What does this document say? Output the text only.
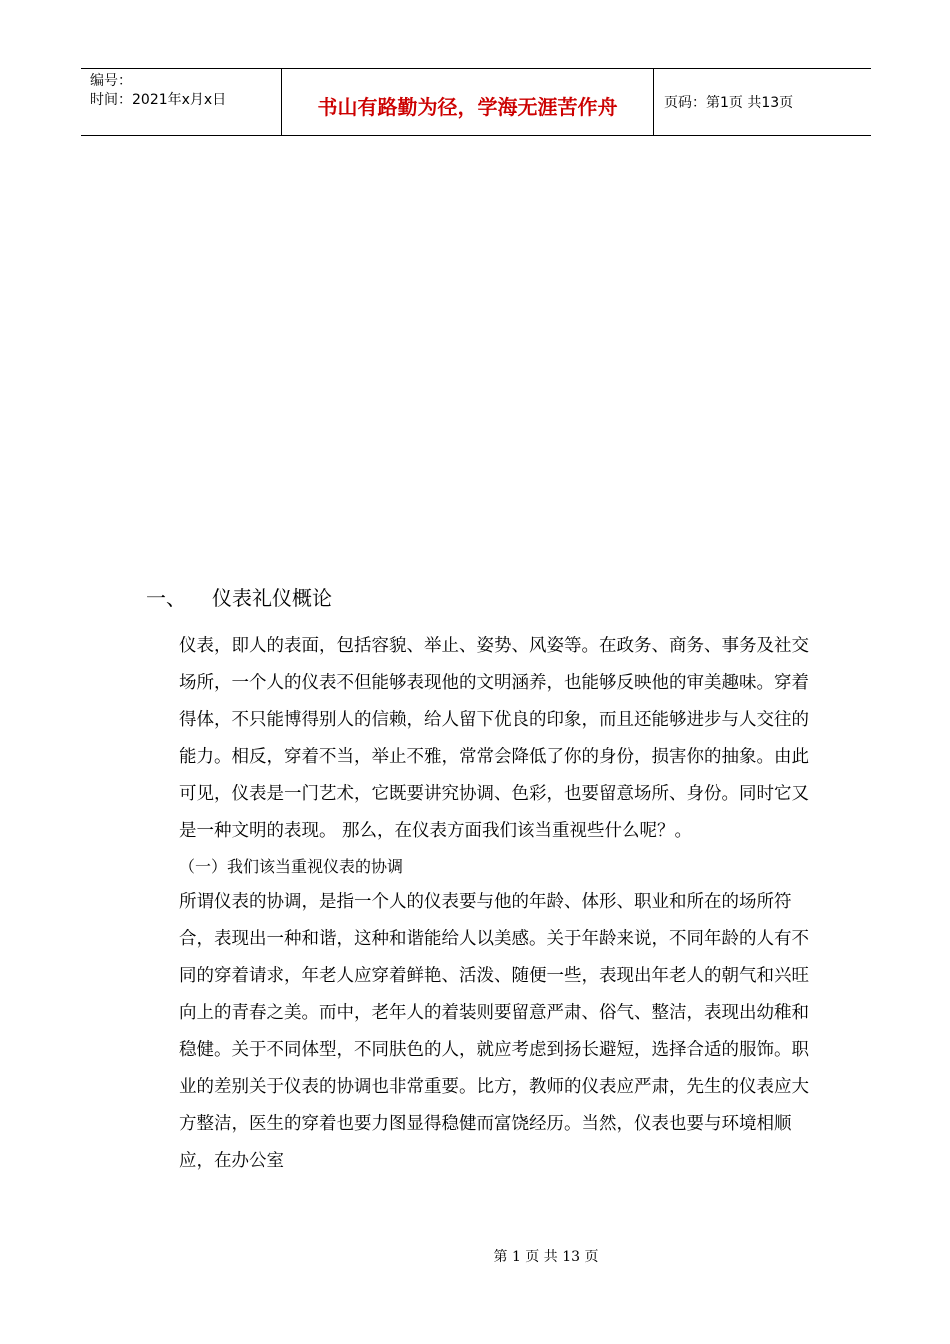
编号：
时间：2021年x月x日	书山有路勤为径，学海无涯苦作舟	页码：第1页 共13页
一、 仪表礼仪概论

仪表，即人的表面，包括容貌、举止、姿势、风姿等。在政务、商务、事务及社交场所，一个人的仪表不但能够表现他的文明涵养，也能够反映他的审美趣味。穿着得体，不只能博得别人的信赖，给人留下优良的印象，而且还能够进步与人交往的能力。相反，穿着不当，举止不雅，常常会降低了你的身份，损害你的抽象。由此可见，仪表是一门艺术，它既要讲究协调、色彩，也要留意场所、身份。同时它又是一种文明的表现。 那么，在仪表方面我们该当重视些什么呢？。

（一）我们该当重视仪表的协调

所谓仪表的协调，是指一个人的仪表要与他的年龄、体形、职业和所在的场所符合，表现出一种和谐，这种和谐能给人以美感。关于年龄来说，不同年龄的人有不同的穿着请求，年老人应穿着鲜艳、活泼、随便一些，表现出年老人的朝气和兴旺向上的青春之美。而中，老年人的着装则要留意严肃、俗气、整洁，表现出幼稚和稳健。关于不同体型，不同肤色的人，就应考虑到扬长避短，选择合适的服饰。职业的差别关于仪表的协调也非常重要。比方，教师的仪表应严肃，先生的仪表应大方整洁，医生的穿着也要力图显得稳健而富饶经历。当然，仪表也要与环境相顺应，在办公室

第 1 页 共 13 页
